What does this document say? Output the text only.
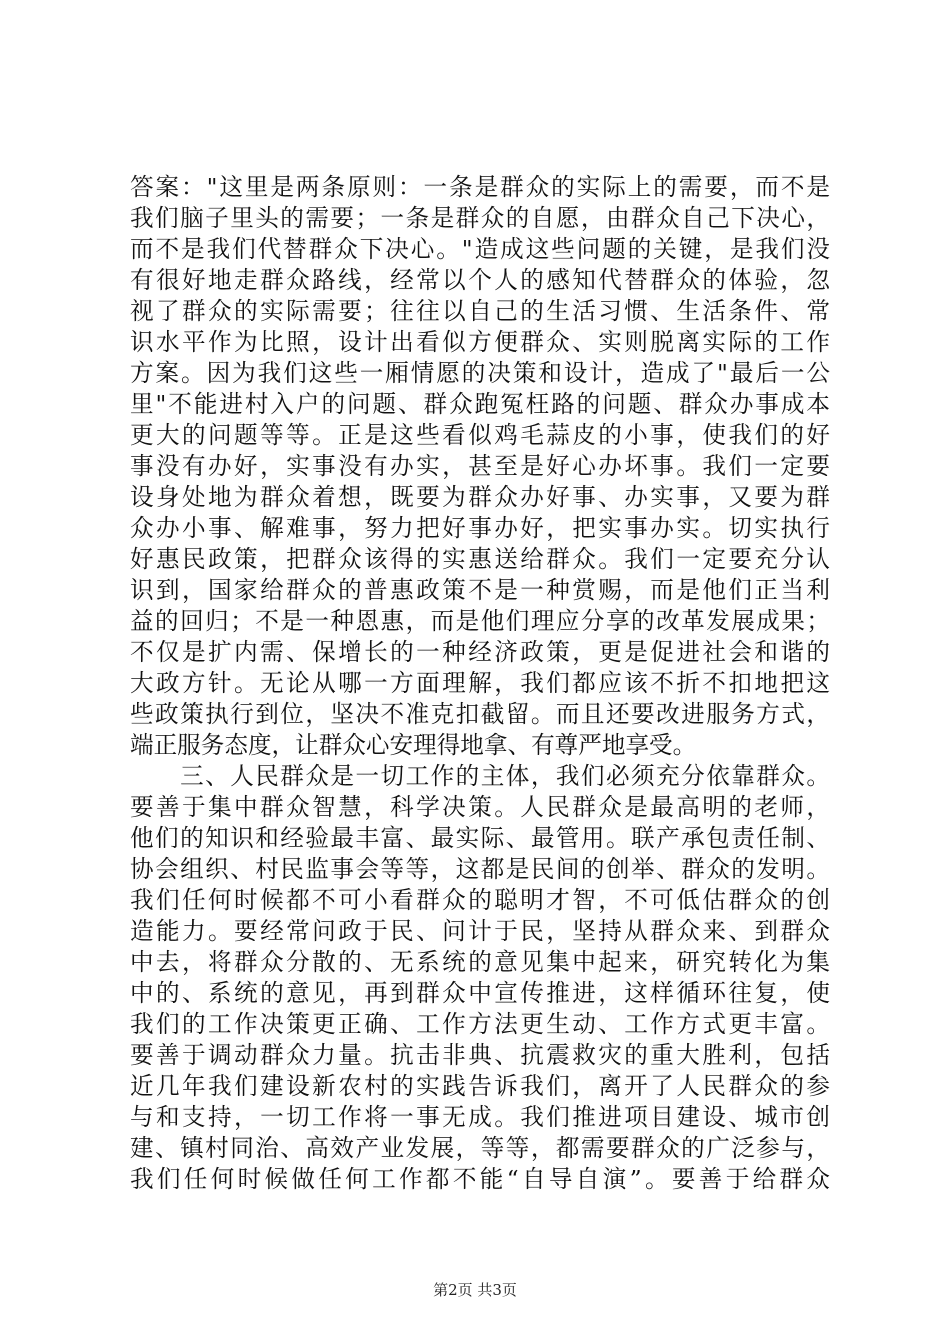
答案："这里是两条原则：一条是群众的实际上的需要，而不是
我们脑子里头的需要；一条是群众的自愿，由群众自己下决心，
而不是我们代替群众下决心。"造成这些问题的关键，是我们没
有很好地走群众路线，经常以个人的感知代替群众的体验，忽
视了群众的实际需要；往往以自己的生活习惯、生活条件、常
识水平作为比照，设计出看似方便群众、实则脱离实际的工作
方案。因为我们这些一厢情愿的决策和设计，造成了"最后一公
里"不能进村入户的问题、群众跑冤枉路的问题、群众办事成本
更大的问题等等。正是这些看似鸡毛蒜皮的小事，使我们的好
事没有办好，实事没有办实，甚至是好心办坏事。我们一定要
设身处地为群众着想，既要为群众办好事、办实事，又要为群
众办小事、解难事，努力把好事办好，把实事办实。切实执行
好惠民政策，把群众该得的实惠送给群众。我们一定要充分认
识到，国家给群众的普惠政策不是一种赏赐，而是他们正当利
益的回归；不是一种恩惠，而是他们理应分享的改革发展成果；
不仅是扩内需、保增长的一种经济政策，更是促进社会和谐的
大政方针。无论从哪一方面理解，我们都应该不折不扣地把这
些政策执行到位，坚决不准克扣截留。而且还要改进服务方式，
端正服务态度，让群众心安理得地拿、有尊严地享受。
　　三、人民群众是一切工作的主体，我们必须充分依靠群众。
要善于集中群众智慧，科学决策。人民群众是最高明的老师，
他们的知识和经验最丰富、最实际、最管用。联产承包责任制、
协会组织、村民监事会等等，这都是民间的创举、群众的发明。
我们任何时候都不可小看群众的聪明才智，不可低估群众的创
造能力。要经常问政于民、问计于民，坚持从群众来、到群众
中去，将群众分散的、无系统的意见集中起来，研究转化为集
中的、系统的意见，再到群众中宣传推进，这样循环往复，使
我们的工作决策更正确、工作方法更生动、工作方式更丰富。
要善于调动群众力量。抗击非典、抗震救灾的重大胜利，包括
近几年我们建设新农村的实践告诉我们，离开了人民群众的参
与和支持，一切工作将一事无成。我们推进项目建设、城市创
建、镇村同治、高效产业发展，等等，都需要群众的广泛参与，
我们任何时候做任何工作都不能“自导自演”。要善于给群众
第2页 共3页
